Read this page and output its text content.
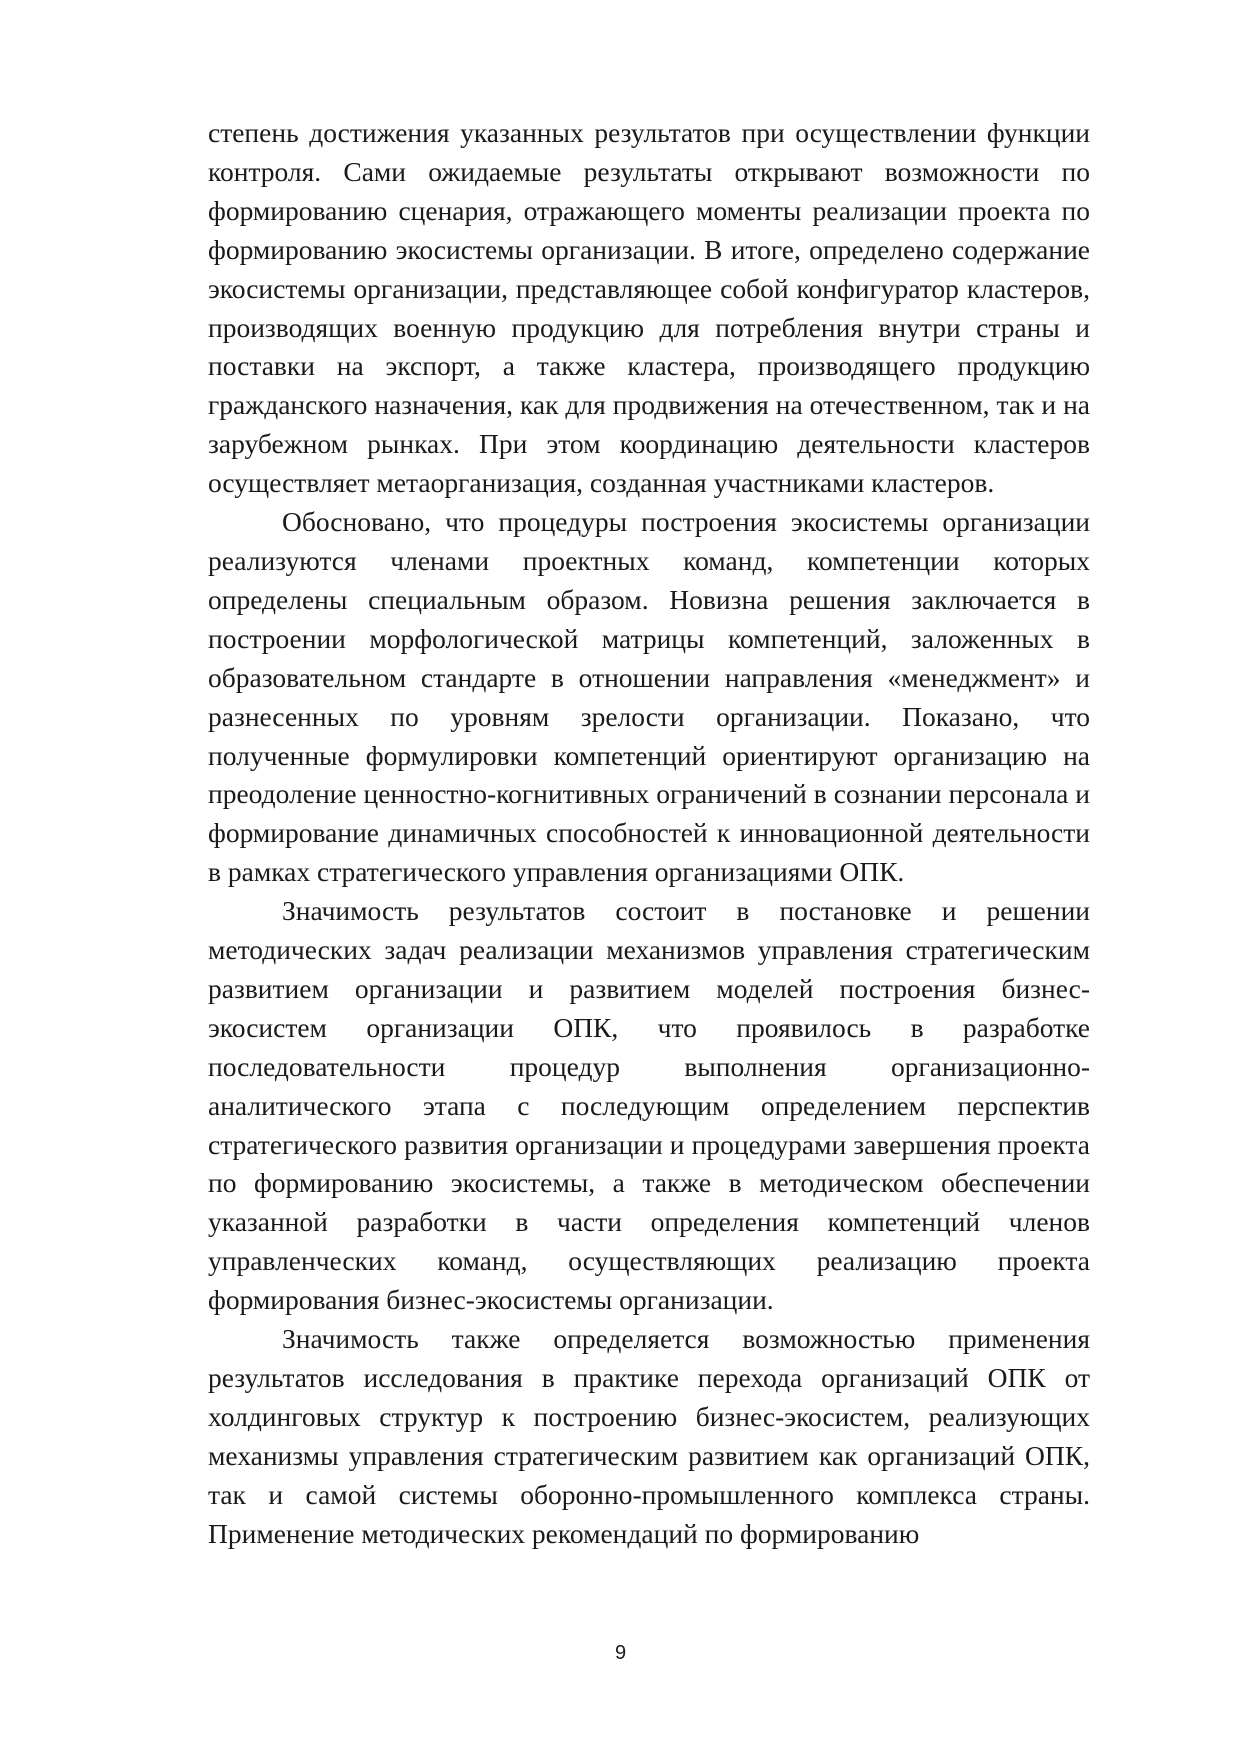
степень достижения указанных результатов при осуществлении функции контроля. Сами ожидаемые результаты открывают возможности по формированию сценария, отражающего моменты реализации проекта по формированию экосистемы организации. В итоге, определено содержание экосистемы организации, представляющее собой конфигуратор кластеров, производящих военную продукцию для потребления внутри страны и поставки на экспорт, а также кластера, производящего продукцию гражданского назначения, как для продвижения на отечественном, так и на зарубежном рынках. При этом координацию деятельности кластеров осуществляет метаорганизация, созданная участниками кластеров.

Обосновано, что процедуры построения экосистемы организации реализуются членами проектных команд, компетенции которых определены специальным образом. Новизна решения заключается в построении морфологической матрицы компетенций, заложенных в образовательном стандарте в отношении направления «менеджмент» и разнесенных по уровням зрелости организации. Показано, что полученные формулировки компетенций ориентируют организацию на преодоление ценностно-когнитивных ограничений в сознании персонала и формирование динамичных способностей к инновационной деятельности в рамках стратегического управления организациями ОПК.

Значимость результатов состоит в постановке и решении методических задач реализации механизмов управления стратегическим развитием организации и развитием моделей построения бизнес-экосистем организации ОПК, что проявилось в разработке последовательности процедур выполнения организационно-аналитического этапа с последующим определением перспектив стратегического развития организации и процедурами завершения проекта по формированию экосистемы, а также в методическом обеспечении указанной разработки в части определения компетенций членов управленческих команд, осуществляющих реализацию проекта формирования бизнес-экосистемы организации.

Значимость также определяется возможностью применения результатов исследования в практике перехода организаций ОПК от холдинговых структур к построению бизнес-экосистем, реализующих механизмы управления стратегическим развитием как организаций ОПК, так и самой системы оборонно-промышленного комплекса страны. Применение методических рекомендаций по формированию

9
